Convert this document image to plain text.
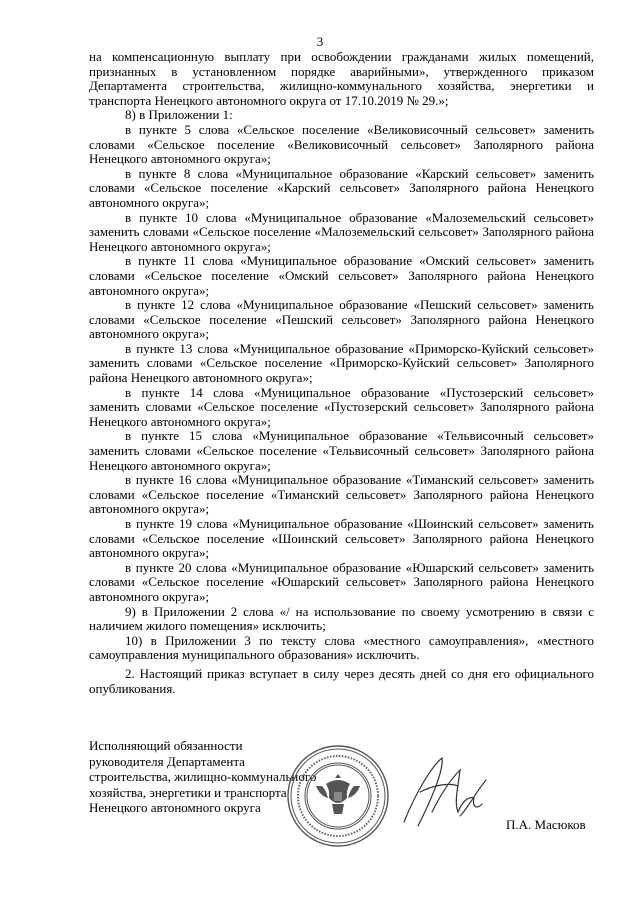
3

на компенсационную выплату при освобождении гражданами жилых помещений, признанных в установленном порядке аварийными», утвержденного приказом Департамента строительства, жилищно-коммунального хозяйства, энергетики и транспорта Ненецкого автономного округа от 17.10.2019 № 29.»;

8) в Приложении 1:

в пункте 5 слова «Сельское поселение «Великовисочный сельсовет» заменить словами «Сельское поселение «Великовисочный сельсовет» Заполярного района Ненецкого автономного округа»;

в пункте 8 слова «Муниципальное образование «Карский сельсовет» заменить словами «Сельское поселение «Карский сельсовет» Заполярного района Ненецкого автономного округа»;

в пункте 10 слова «Муниципальное образование «Малоземельский сельсовет» заменить словами «Сельское поселение «Малоземельский сельсовет» Заполярного района Ненецкого автономного округа»;

в пункте 11 слова «Муниципальное образование «Омский сельсовет» заменить словами «Сельское поселение «Омский сельсовет» Заполярного района Ненецкого автономного округа»;

в пункте 12 слова «Муниципальное образование «Пешский сельсовет» заменить словами «Сельское поселение «Пешский сельсовет» Заполярного района Ненецкого автономного округа»;

в пункте 13 слова «Муниципальное образование «Приморско-Куйский сельсовет» заменить словами «Сельское поселение «Приморско-Куйский сельсовет» Заполярного района Ненецкого автономного округа»;

в пункте 14 слова «Муниципальное образование «Пустозерский сельсовет» заменить словами «Сельское поселение «Пустозерский сельсовет» Заполярного района Ненецкого автономного округа»;

в пункте 15 слова «Муниципальное образование «Тельвисочный сельсовет» заменить словами «Сельское поселение «Тельвисочный сельсовет» Заполярного района Ненецкого автономного округа»;

в пункте 16 слова «Муниципальное образование «Тиманский сельсовет» заменить словами «Сельское поселение «Тиманский сельсовет» Заполярного района Ненецкого автономного округа»;

в пункте 19 слова «Муниципальное образование «Шоинский сельсовет» заменить словами «Сельское поселение «Шоинский сельсовет» Заполярного района Ненецкого автономного округа»;

в пункте 20 слова «Муниципальное образование «Юшарский сельсовет» заменить словами «Сельское поселение «Юшарский сельсовет» Заполярного района Ненецкого автономного округа»;

9) в Приложении 2 слова «/ на использование по своему усмотрению в связи с наличием жилого помещения» исключить;

10) в Приложении 3 по тексту слова «местного самоуправления», «местного самоуправления муниципального образования» исключить.

2. Настоящий приказ вступает в силу через десять дней со дня его официального опубликования.

Исполняющий обязанности
руководителя Департамента
строительства, жилищно-коммунального
хозяйства, энергетики и транспорта
Ненецкого автономного округа
П.А. Масюков
